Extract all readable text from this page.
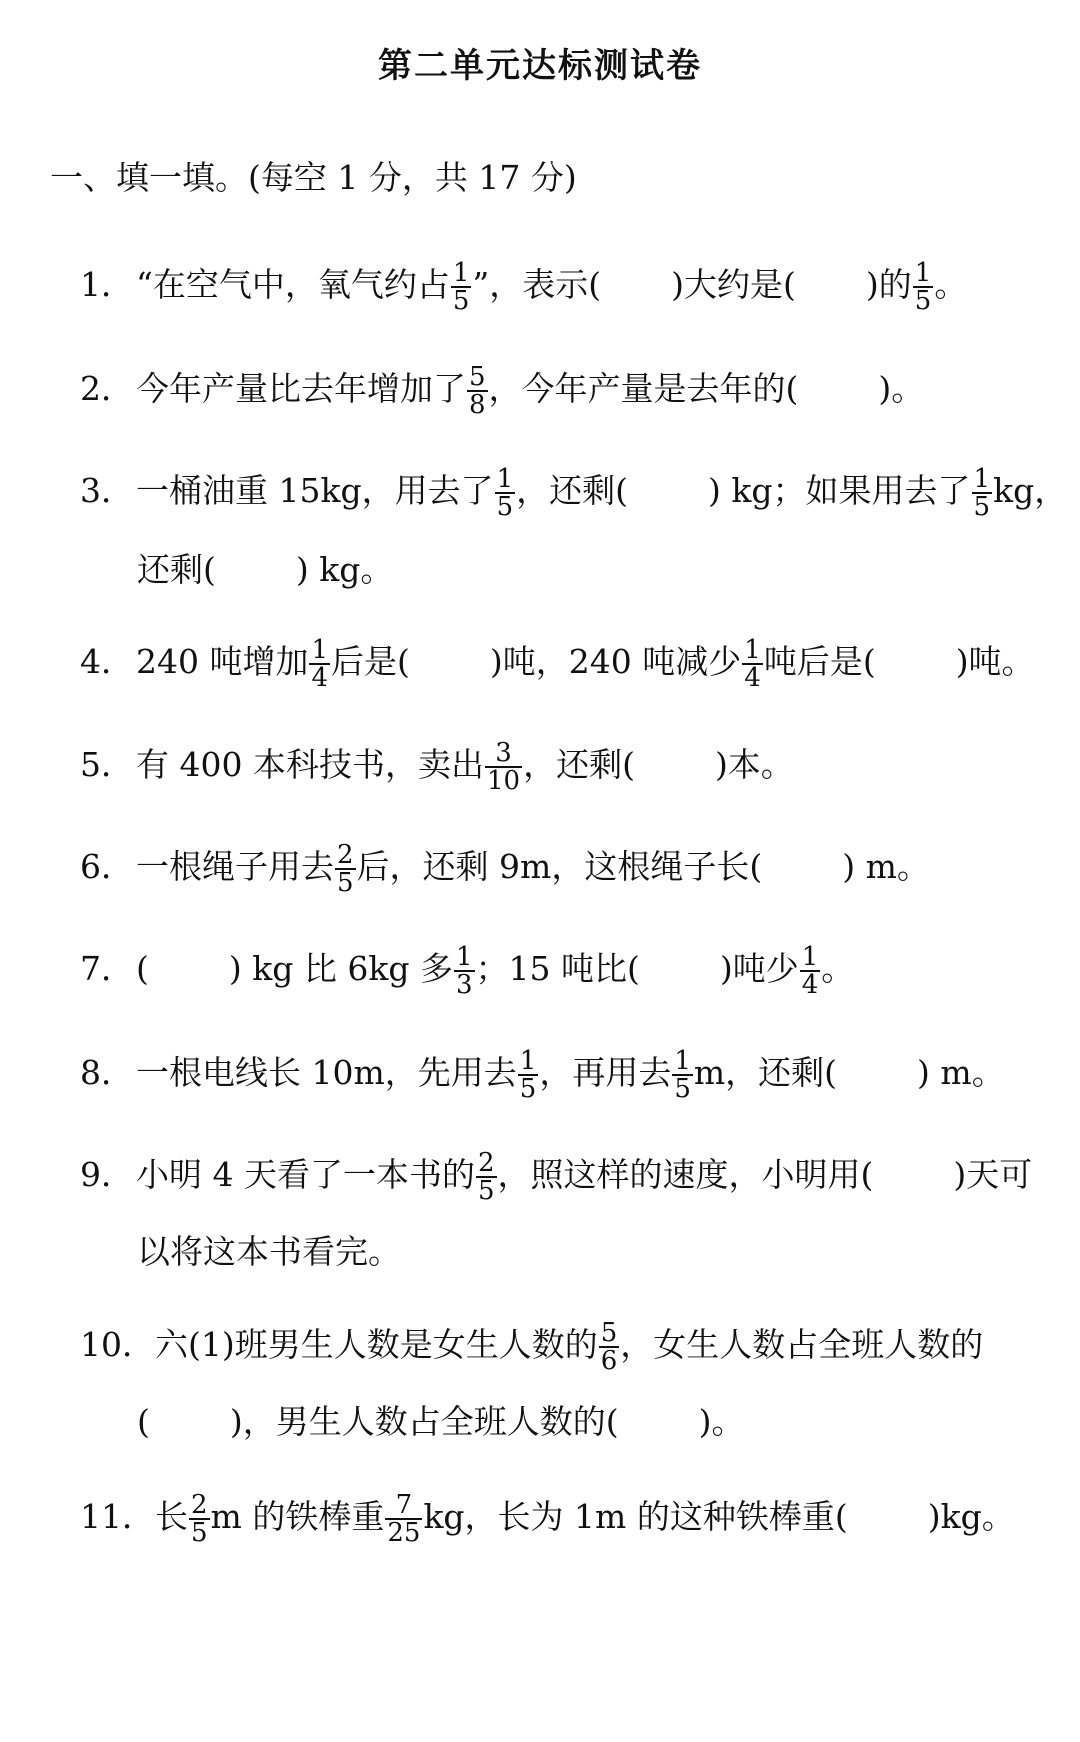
第二单元达标测试卷
一、填一填。(每空 1 分，共 17 分)
1． “在空气中，氧气约占 $\frac{1}{5}$ ”，表示( )大约是( )的 $\frac{1}{5}$ 。
2． 今年产量比去年增加了 $\frac{5}{8}$ ，今年产量是去年的( )。
3． 一桶油重 15kg，用去了 $\frac{1}{5}$ ，还剩( ) kg；如果用去了 $\frac{1}{5}$ kg，
还剩( ) kg。
4． 240 吨增加 $\frac{1}{4}$ 后是( )吨，240 吨减少 $\frac{1}{4}$ 吨后是( )吨。
5． 有 400 本科技书，卖出 $\frac{3}{10}$ ，还剩( )本。
6． 一根绳子用去 $\frac{2}{5}$ 后，还剩 9m，这根绳子长( ) m。
7． ( ) kg 比 6kg 多 $\frac{1}{3}$ ；15 吨比( )吨少 $\frac{1}{4}$ 。
8． 一根电线长 10m，先用去 $\frac{1}{5}$ ，再用去 $\frac{1}{5}$ m，还剩( ) m。
9． 小明 4 天看了一本书的 $\frac{2}{5}$ ，照这样的速度，小明用( )天可
以将这本书看完。
10． 六(1)班男生人数是女生人数的 $\frac{5}{6}$ ，女生人数占全班人数的
( )，男生人数占全班人数的( )。
11． 长 $\frac{2}{5}$ m 的铁棒重 $\frac{7}{25}$ kg，长为 1m 的这种铁棒重( )kg。
